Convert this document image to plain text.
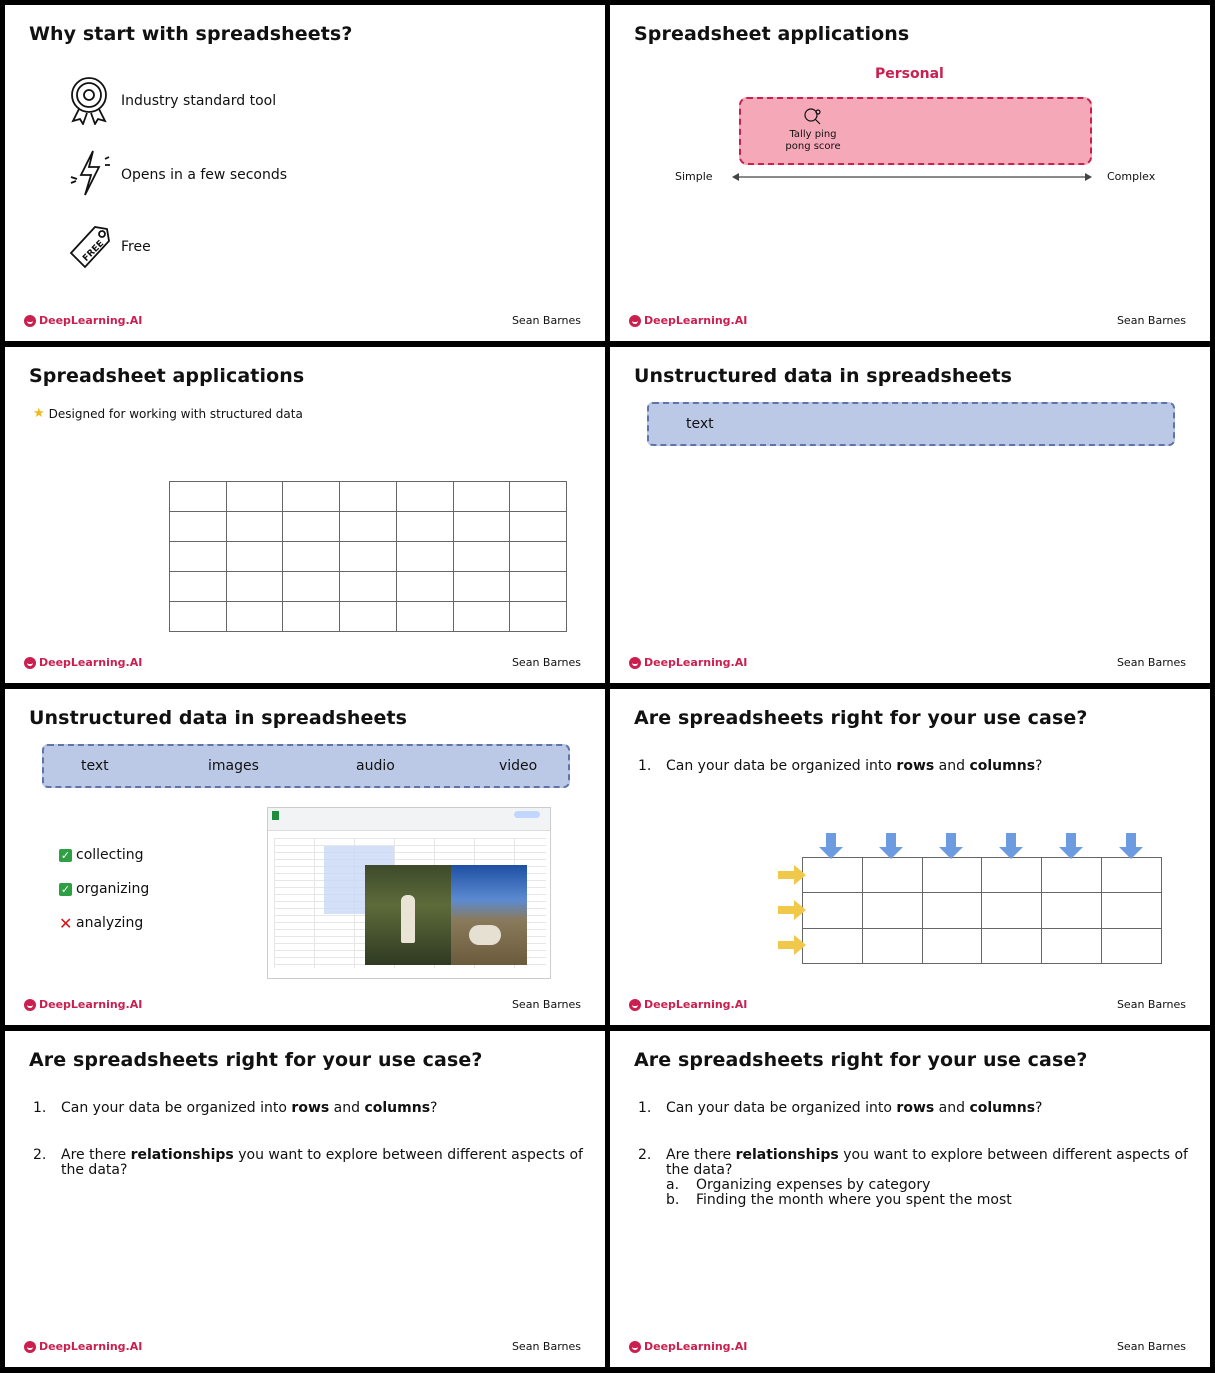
Why start with spreadsheets?
Industry standard tool
Opens in a few seconds
FREE Free
DeepLearning.AI	Sean Barnes
Spreadsheet applications
Personal

Tally ping pong score
Simple	Complex
DeepLearning.AI	Sean Barnes
Spreadsheet applications
★ Designed for working with structured data

DeepLearning.AI	Sean Barnes
Unstructured data in spreadsheets
text
DeepLearning.AI	Sean Barnes
Unstructured data in spreadsheets
text	images	audio	video
✓ collecting
✓ organizing
✕ analyzing
DeepLearning.AI	Sean Barnes
Are spreadsheets right for your use case?
1. Can your data be organized into rows and columns?

DeepLearning.AI	Sean Barnes
Are spreadsheets right for your use case?
1. Can your data be organized into rows and columns?
2.	Are there relationships you want to explore between different aspects of the data?
DeepLearning.AI	Sean Barnes
Are spreadsheets right for your use case?
1. Can your data be organized into rows and columns?
2.	Are there relationships you want to explore between different aspects of the data?
a. Organizing expenses by category
b. Finding the month where you spent the most
DeepLearning.AI	Sean Barnes
